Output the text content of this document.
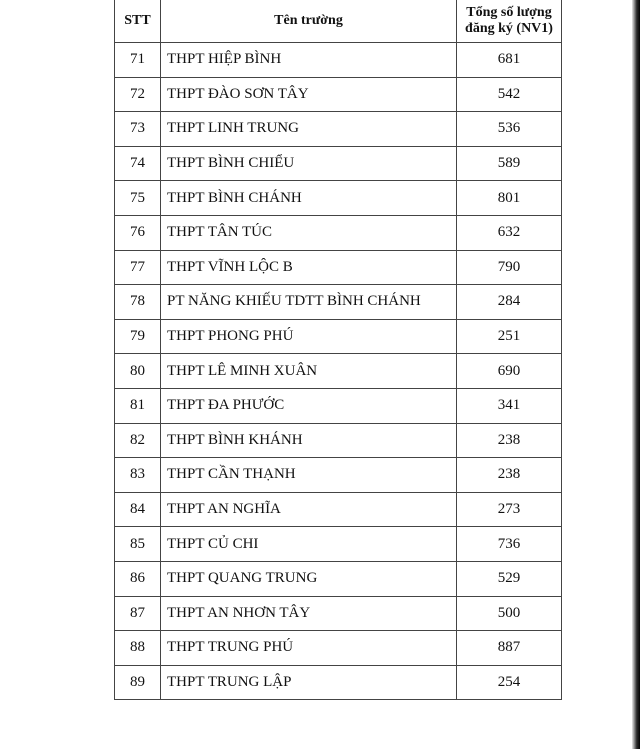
STT	Tên trường	Tổng số lượng
đăng ký (NV1)
71	THPT HIỆP BÌNH	681
72	THPT ĐÀO SƠN TÂY	542
73	THPT LINH TRUNG	536
74	THPT BÌNH CHIỂU	589
75	THPT BÌNH CHÁNH	801
76	THPT TÂN TÚC	632
77	THPT VĨNH LỘC B	790
78	PT NĂNG KHIẾU TDTT BÌNH CHÁNH	284
79	THPT PHONG PHÚ	251
80	THPT LÊ MINH XUÂN	690
81	THPT ĐA PHƯỚC	341
82	THPT BÌNH KHÁNH	238
83	THPT CẦN THẠNH	238
84	THPT AN NGHĨA	273
85	THPT CỦ CHI	736
86	THPT QUANG TRUNG	529
87	THPT AN NHƠN TÂY	500
88	THPT TRUNG PHÚ	887
89	THPT TRUNG LẬP	254
